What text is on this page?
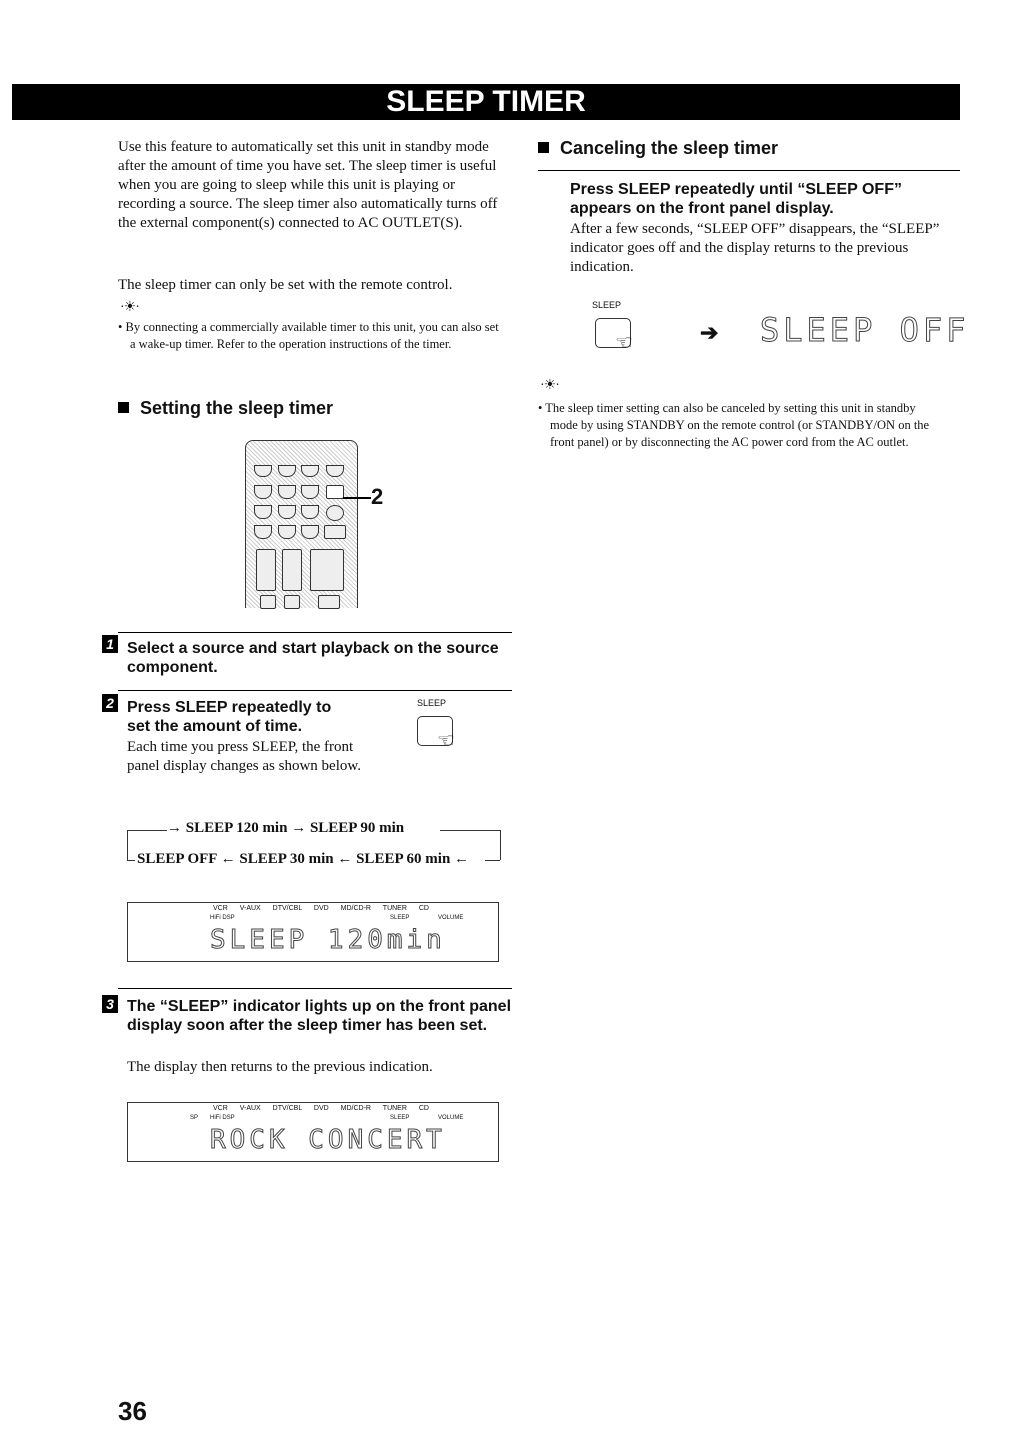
SLEEP TIMER
Use this feature to automatically set this unit in standby mode after the amount of time you have set. The sleep timer is useful when you are going to sleep while this unit is playing or recording a source. The sleep timer also automatically turns off the external component(s) connected to AC OUTLET(S).
The sleep timer can only be set with the remote control.
·☀·
• By connecting a commercially available timer to this unit, you can also set a wake-up timer. Refer to the operation instructions of the timer.
Setting the sleep timer
2
1 Select a source and start playback on the source component.
2 Press SLEEP repeatedly to set the amount of time.
Each time you press SLEEP, the front panel display changes as shown below.
SLEEP
☜
→ SLEEP 120 min → SLEEP 90 min
SLEEP OFF ← SLEEP 30 min ← SLEEP 60 min ←
VCR V-AUX DTV/CBL DVD MD/CD-R TUNER CD
HiFi DSP	SLEEP	VOLUME
SLEEP 120min
3 The “SLEEP” indicator lights up on the front panel display soon after the sleep timer has been set.
The display then returns to the previous indication.
VCR V-AUX DTV/CBL DVD MD/CD-R TUNER CD
SP HiFi DSP	SLEEP	VOLUME
ROCK CONCERT
Canceling the sleep timer
Press SLEEP repeatedly until “SLEEP OFF” appears on the front panel display.
After a few seconds, “SLEEP OFF” disappears, the “SLEEP” indicator goes off and the display returns to the previous indication.
SLEEP
☜	➔ SLEEP OFF
·☀·
• The sleep timer setting can also be canceled by setting this unit in standby mode by using STANDBY on the remote control (or STANDBY/ON on the front panel) or by disconnecting the AC power cord from the AC outlet.
36
